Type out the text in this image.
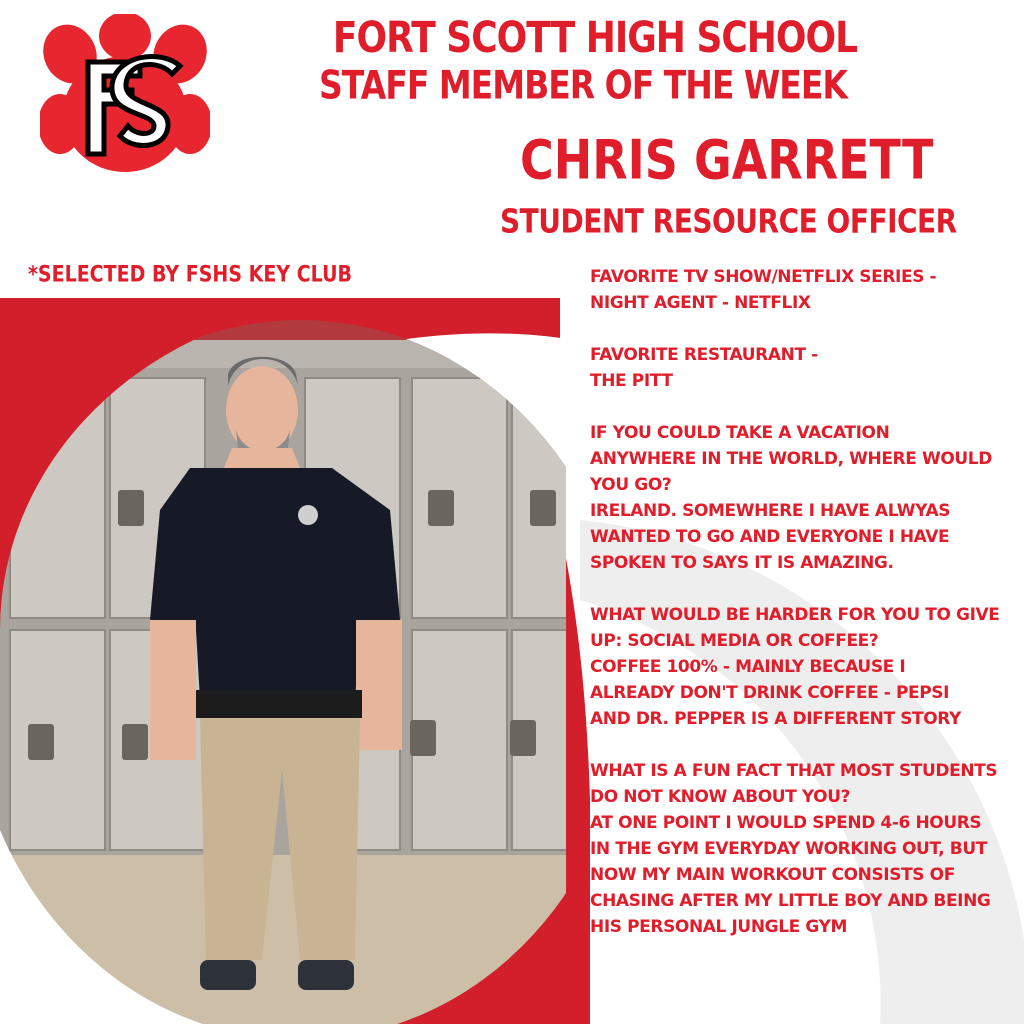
FORT SCOTT HIGH SCHOOL
STAFF MEMBER OF THE WEEK
CHRIS GARRETT
STUDENT RESOURCE OFFICER
*SELECTED BY FSHS KEY CLUB	FAVORITE TV SHOW/NETFLIX SERIES -

NIGHT AGENT - NETFLIX

FAVORITE RESTAURANT -

THE PITT

IF YOU COULD TAKE A VACATION

ANYWHERE IN THE WORLD, WHERE WOULD

YOU GO?

IRELAND. SOMEWHERE I HAVE ALWYAS

WANTED TO GO AND EVERYONE I HAVE

SPOKEN TO SAYS IT IS AMAZING.

WHAT WOULD BE HARDER FOR YOU TO GIVE

UP: SOCIAL MEDIA OR COFFEE?

COFFEE 100% - MAINLY BECAUSE I

ALREADY DON'T DRINK COFFEE - PEPSI

AND DR. PEPPER IS A DIFFERENT STORY

WHAT IS A FUN FACT THAT MOST STUDENTS

DO NOT KNOW ABOUT YOU?

AT ONE POINT I WOULD SPEND 4-6 HOURS

IN THE GYM EVERYDAY WORKING OUT, BUT

NOW MY MAIN WORKOUT CONSISTS OF

CHASING AFTER MY LITTLE BOY AND BEING

HIS PERSONAL JUNGLE GYM
